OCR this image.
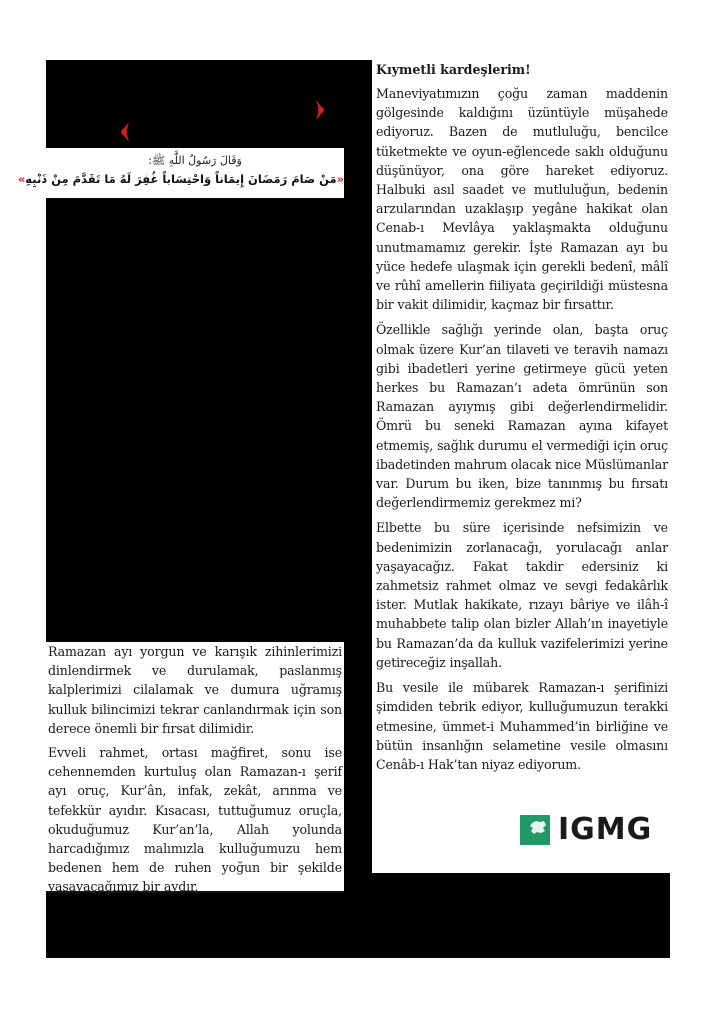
وَقَالَ رَسُولُ اللَّهِ ﷺ:
«مَنْ صَامَ رَمَضَانَ إِيمَاناً وَاحْتِسَاباً غُفِرَ لَهُ مَا تَقَدَّمَ مِنْ ذَنْبِهِ»

Ramazan ayı yorgun ve karışık zihinlerimizi dinlendirmek ve durulamak, paslanmış kalplerimizi cilalamak ve dumura uğramış kulluk bilincimizi tekrar canlandırmak için son derece önemli bir fırsat dilimidir.

Evveli rahmet, ortası mağfiret, sonu ise cehennemden kurtuluş olan Ramazan-ı şerif ayı oruç, Kur’ân, infak, zekât, arınma ve tefekkür ayıdır. Kısacası, tuttuğumuz oruçla, okuduğumuz Kur’an’la, Allah yolunda harcadığımız malımızla kulluğumuzu hem bedenen hem de ruhen yoğun bir şekilde yaşayacağımız bir aydır.

Kıymetli kardeşlerim!

Maneviyatımızın çoğu zaman maddenin gölgesinde kaldığını üzüntüyle müşahede ediyoruz. Bazen de mutluluğu, bencilce tüketmekte ve oyun-eğlencede saklı olduğunu düşünüyor, ona göre hareket ediyoruz. Halbuki asıl saadet ve mutluluğun, bedenin arzularından uzaklaşıp yegâne hakikat olan Cenab-ı Mevlâya yaklaşmakta olduğunu unutmamamız gerekir. İşte Ramazan ayı bu yüce hedefe ulaşmak için gerekli bedenî, mâlî ve rûhî amellerin fiiliyata geçirildiği müstesna bir vakit dilimidir, kaçmaz bir fırsattır.

Özellikle sağlığı yerinde olan, başta oruç olmak üzere Kur’an tilaveti ve teravih namazı gibi ibadetleri yerine getirmeye gücü yeten herkes bu Ramazan’ı adeta ömrünün son Ramazan ayıymış gibi değerlendirmelidir. Ömrü bu seneki Ramazan ayına kifayet etmemiş, sağlık durumu el vermediği için oruç ibadetinden mahrum olacak nice Müslümanlar var. Durum bu iken, bize tanınmış bu fırsatı değerlendirmemiz gerekmez mi?

Elbette bu süre içerisinde nefsimizin ve bedenimizin zorlanacağı, yorulacağı anlar yaşayacağız. Fakat takdir edersiniz ki zahmetsiz rahmet olmaz ve sevgi fedakârlık ister. Mutlak hakikate, rızayı bâriye ve ilâh-î muhabbete talip olan bizler Allah’ın inayetiyle bu Ramazan’da da kulluk vazifelerimizi yerine getireceğiz inşallah.

Bu vesile ile mübarek Ramazan-ı şerifinizi şimdiden tebrik ediyor, kulluğumuzun terakki etmesine, ümmet-i Muhammed’in birliğine ve bütün insanlığın selametine vesile olmasını Cenâb-ı Hak’tan niyaz ediyorum.

IGMG
